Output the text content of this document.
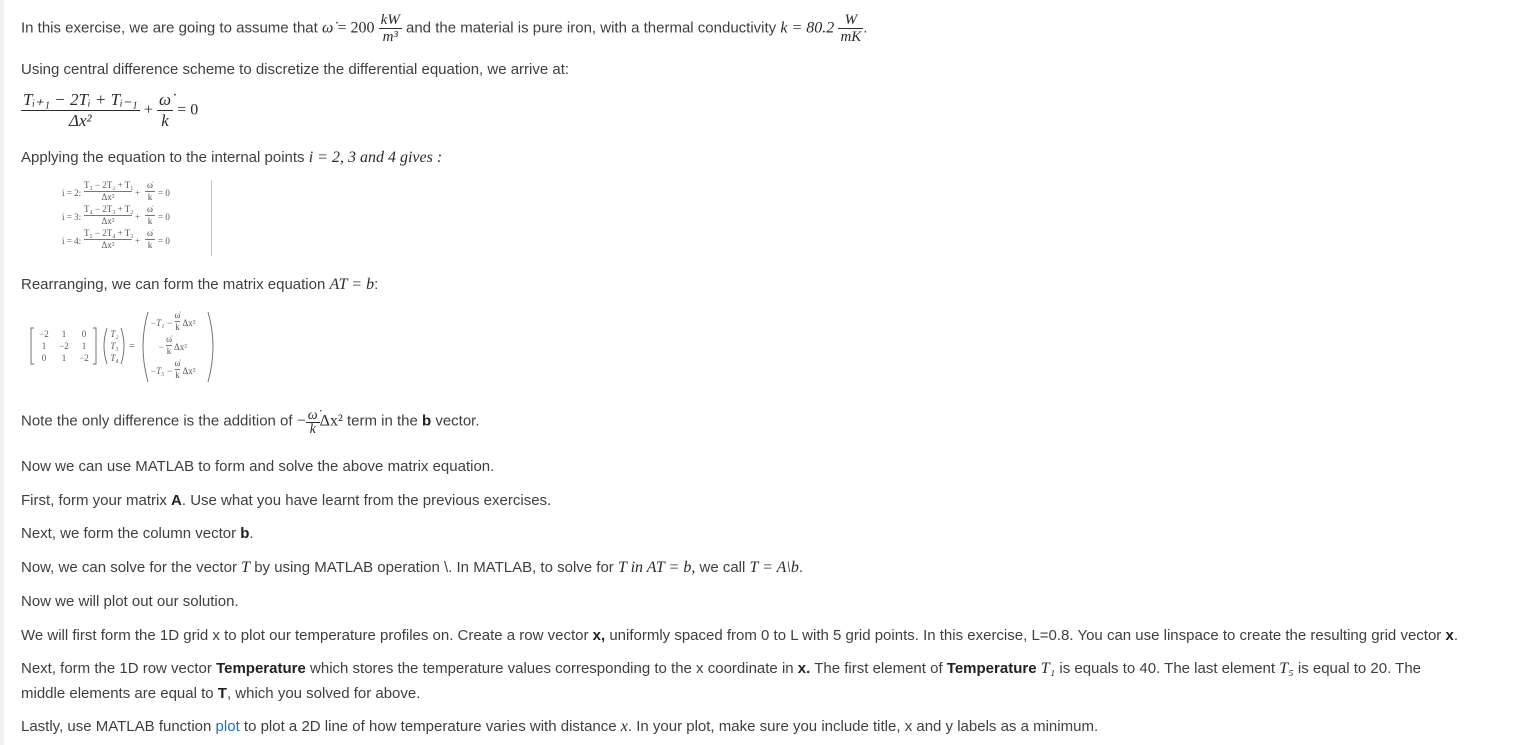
In this exercise, we are going to assume that ω̇ = $200 \frac{kW}{\text{m³}}$ and the material is pure iron, with a thermal conductivity $k = 80.2 \frac{W}{mK}$ .
Using central difference scheme to discretize the differential equation, we arrive at:
$\frac{\text{Tᵢ₊₁ − 2Tᵢ + Tᵢ₋₁}}{\text{Δx²}} + \frac{\omegȧ}{k} = 0$
Applying the equation to the internal points i = 2, 3 and 4 gives :
i = 2: $\frac{\text{T₃ − 2T₂ + T₁}}{\text{Δx²}}$ +
ω̇
k = 0
i = 3: $\frac{\text{T₄ − 2T₃ + T₂}}{\text{Δx²}}$ +
ω̇
k = 0
i = 4: $\frac{\text{T₅ − 2T₄ + T₃}}{\text{Δx²}}$ +
ω̇
k = 0
Rearranging, we can form the matrix equation AT = b:
−2	1	0
1	−2	1
0	1	−2
T₂
T₃
T₄
=
$-T_1 - \frac{\omegȧ}{k} \Delta x^2$
− $\frac{\omegȧ}{k} \Delta x^2$
$-T_5 - \frac{\omegȧ}{k} \Delta x^2$
Note the only difference is the addition of − $\frac{\omegȧ}{k} \Delta x^2$ term in the b vector.
Now we can use MATLAB to form and solve the above matrix equation.
First, form your matrix A. Use what you have learnt from the previous exercises.
Next, we form the column vector b.
Now, we can solve for the vector T by using MATLAB operation \. In MATLAB, to solve for T in AT = b, we call T = A\b.
Now we will plot out our solution.
We will first form the 1D grid x to plot our temperature profiles on. Create a row vector x, uniformly spaced from 0 to L with 5 grid points. In this exercise, L=0.8. You can use linspace to create the resulting grid vector x.
Next, form the 1D row vector Temperature which stores the temperature values corresponding to the x coordinate in x. The first element of Temperature T₁ is equals to 40. The last element T₅ is equal to 20. The
middle elements are equal to T, which you solved for above.
Lastly, use MATLAB function plot to plot a 2D line of how temperature varies with distance x. In your plot, make sure you include title, x and y labels as a minimum.
